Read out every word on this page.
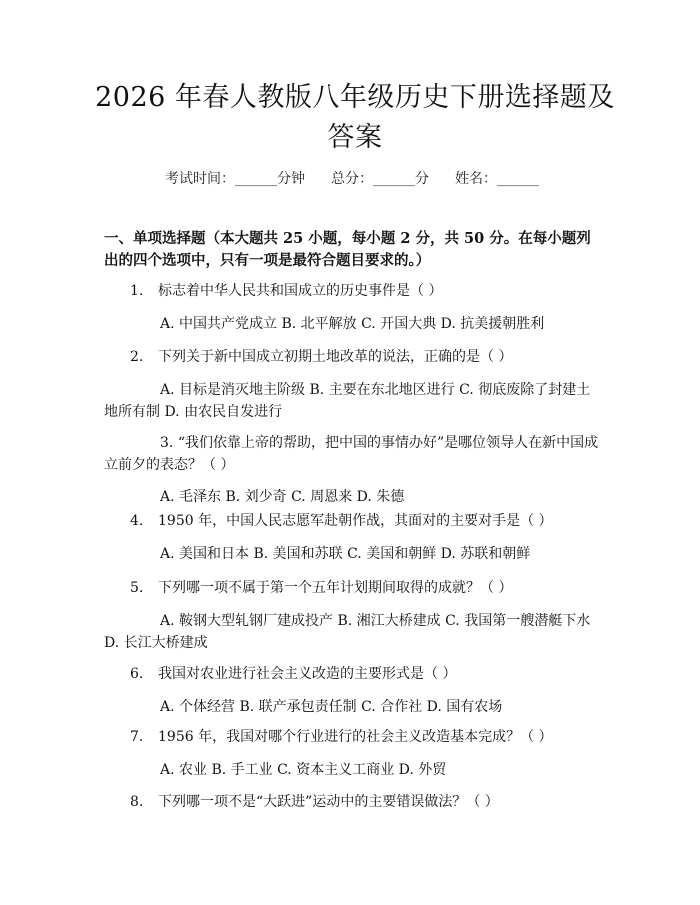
2026 年春人教版八年级历史下册选择题及答案
考试时间：______分钟 总分：______分 姓名：______

一、单项选择题（本大题共 25 小题，每小题 2 分，共 50 分。在每小题列出的四个选项中，只有一项是最符合题目要求的。）

1. 标志着中华人民共和国成立的历史事件是（ ）

A. 中国共产党成立 B. 北平解放 C. 开国大典 D. 抗美援朝胜利

2. 下列关于新中国成立初期土地改革的说法，正确的是（ ）

A. 目标是消灭地主阶级 B. 主要在东北地区进行 C. 彻底废除了封建土地所有制 D. 由农民自发进行

3. “我们依靠上帝的帮助，把中国的事情办好”是哪位领导人在新中国成立前夕的表态？（ ）

A. 毛泽东 B. 刘少奇 C. 周恩来 D. 朱德

4. 1950 年，中国人民志愿军赴朝作战，其面对的主要对手是（ ）

A. 美国和日本 B. 美国和苏联 C. 美国和朝鲜 D. 苏联和朝鲜

5. 下列哪一项不属于第一个五年计划期间取得的成就？（ ）

A. 鞍钢大型轧钢厂建成投产 B. 湘江大桥建成 C. 我国第一艘潜艇下水 D. 长江大桥建成

6. 我国对农业进行社会主义改造的主要形式是（ ）

A. 个体经营 B. 联产承包责任制 C. 合作社 D. 国有农场

7. 1956 年，我国对哪个行业进行的社会主义改造基本完成？（ ）

A. 农业 B. 手工业 C. 资本主义工商业 D. 外贸

8. 下列哪一项不是“大跃进”运动中的主要错误做法？（ ）
